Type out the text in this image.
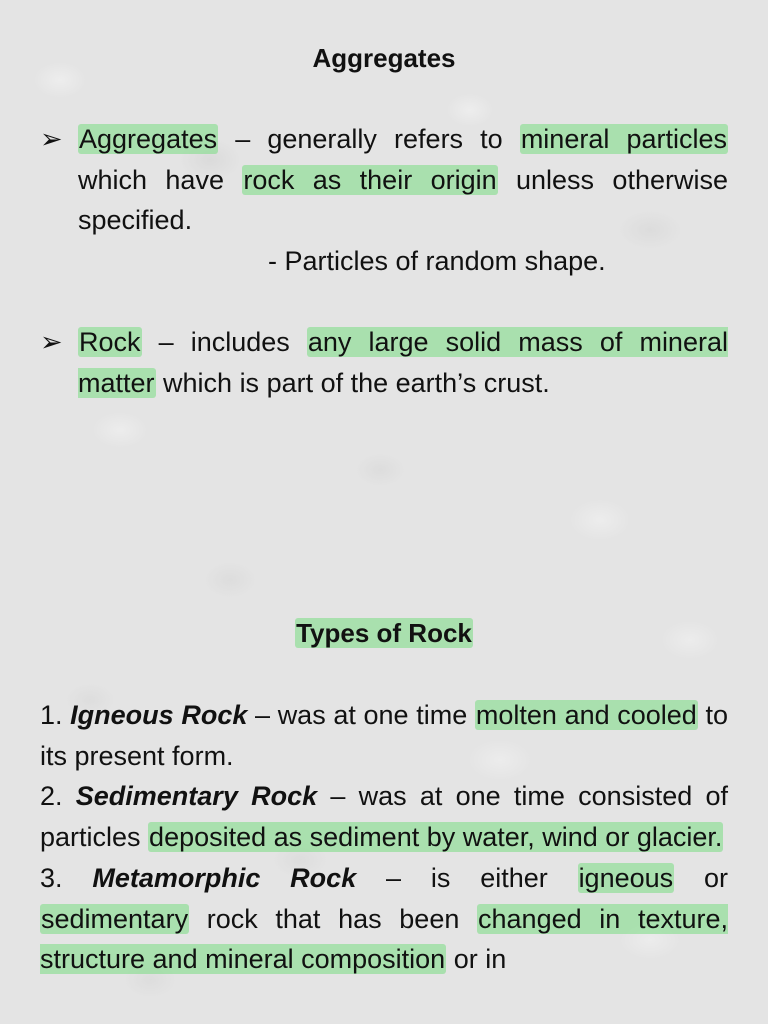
Aggregates
➢ Aggregates – generally refers to mineral particles which have rock as their origin unless otherwise specified.
- Particles of random shape.
➢ Rock – includes any large solid mass of mineral matter which is part of the earth’s crust.
Types of Rock
1. Igneous Rock – was at one time molten and cooled to its present form.
2. Sedimentary Rock – was at one time consisted of particles deposited as sediment by water, wind or glacier.
3. Metamorphic Rock – is either igneous or sedimentary rock that has been changed in texture, structure and mineral composition or in
